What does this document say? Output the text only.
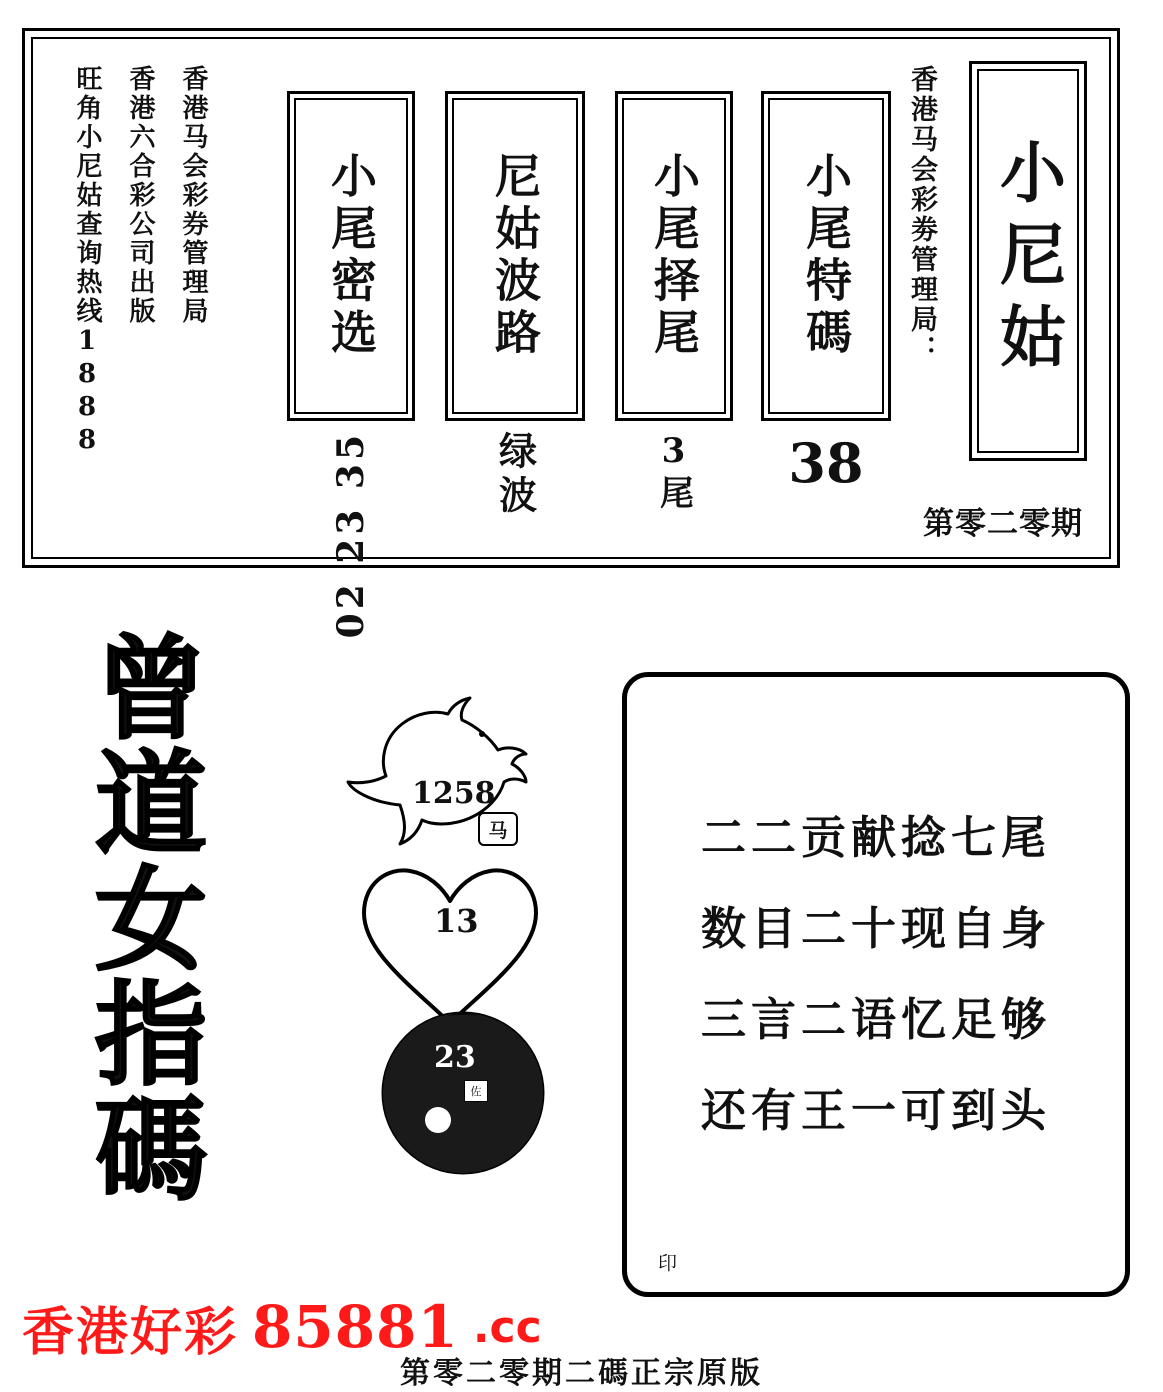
小尼姑
第零二零期
香港马会彩劵管理局：
小尾特碼
38
小尾择尾
3尾
尼姑波路
绿波
小尾密选
02 23 35
香港马会彩券管理局
香港六合彩公司出版
旺角小尼姑查询热线1888
曾
道
女
指
碼
1258
马
13
23
佐
二二贡献捻七尾
数目二十现自身
三言二语忆足够
还有王一可到头
印
香港好彩 85881 .cc
第零二零期二碼正宗原版
